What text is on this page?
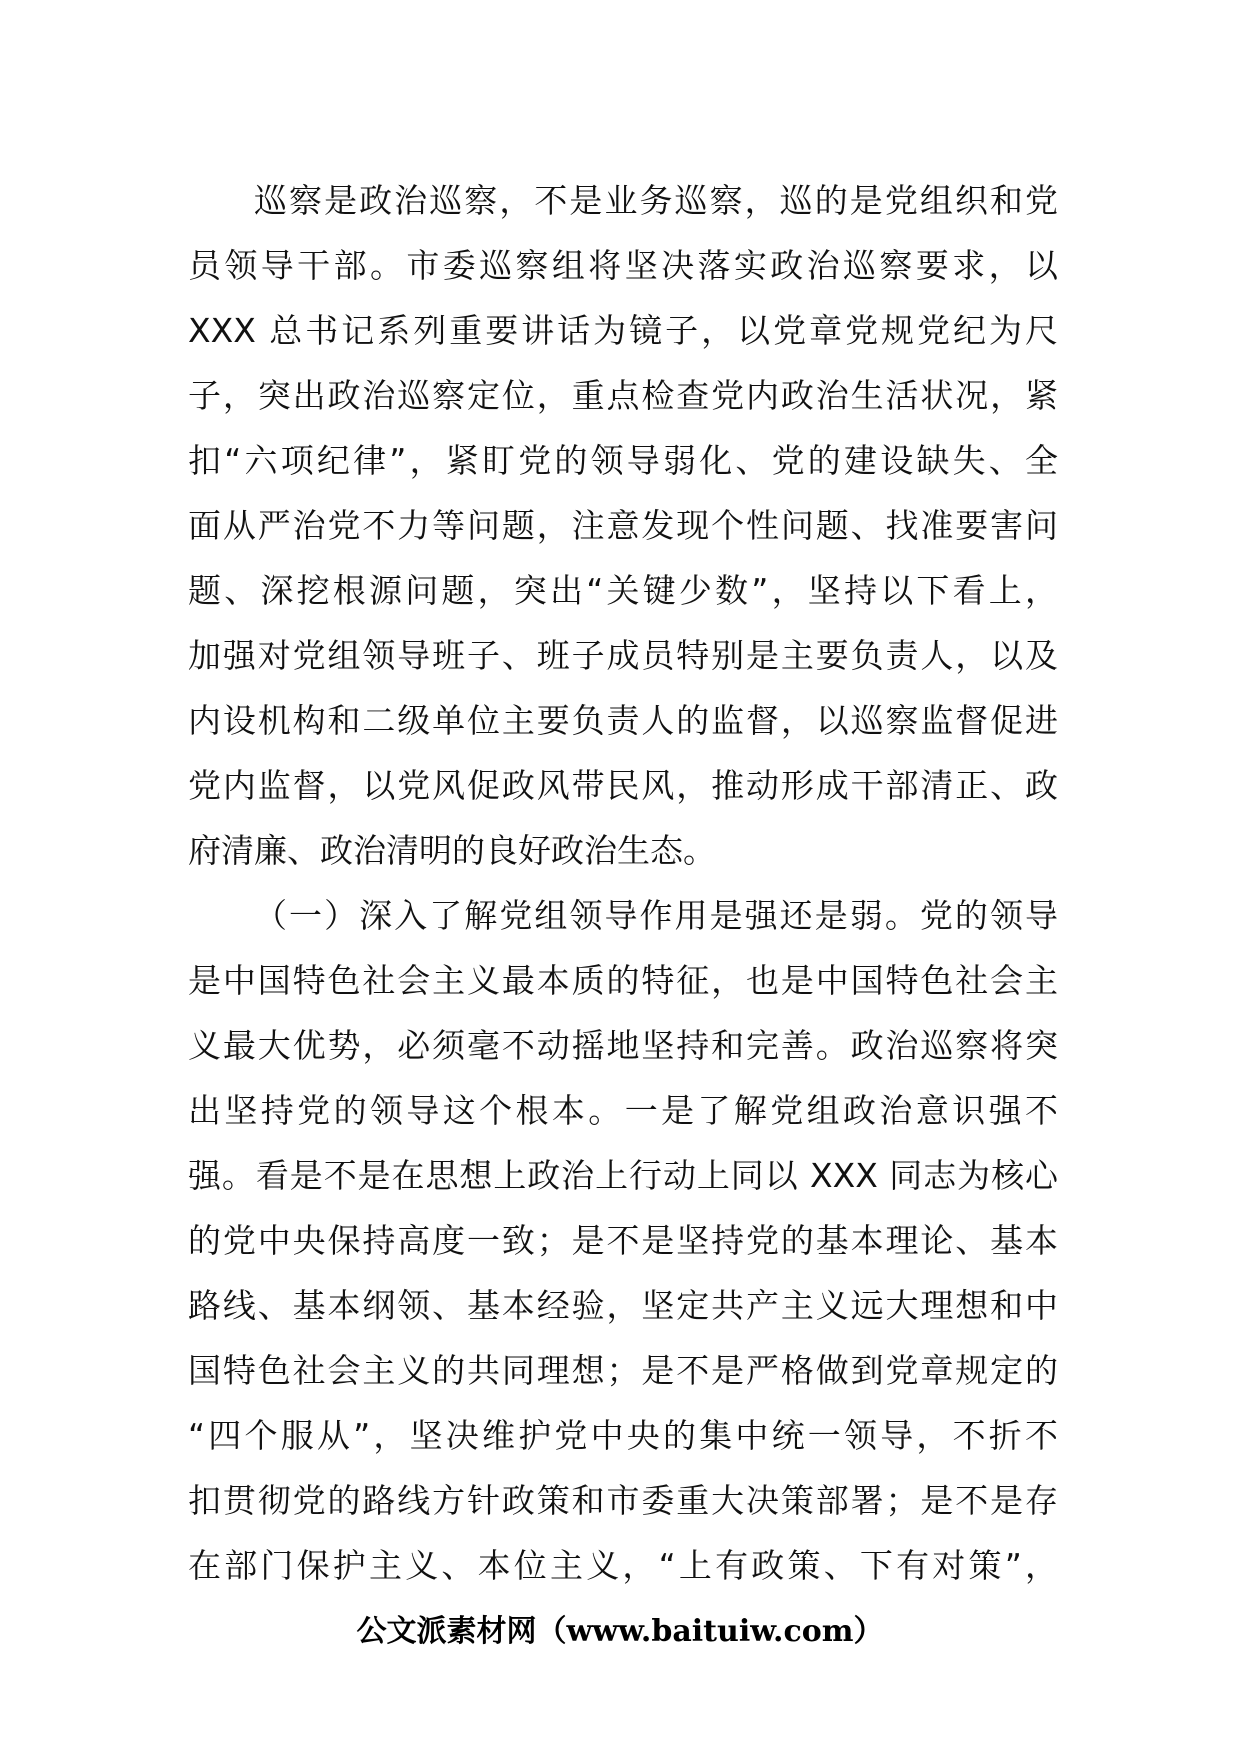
巡察是政治巡察，不是业务巡察，巡的是党组织和党
员领导干部。市委巡察组将坚决落实政治巡察要求，以
XXX 总书记系列重要讲话为镜子，以党章党规党纪为尺
子，突出政治巡察定位，重点检查党内政治生活状况，紧
扣“六项纪律”，紧盯党的领导弱化、党的建设缺失、全
面从严治党不力等问题，注意发现个性问题、找准要害问
题、深挖根源问题，突出“关键少数”，坚持以下看上，
加强对党组领导班子、班子成员特别是主要负责人，以及
内设机构和二级单位主要负责人的监督，以巡察监督促进
党内监督，以党风促政风带民风，推动形成干部清正、政
府清廉、政治清明的良好政治生态。
（一）深入了解党组领导作用是强还是弱。党的领导
是中国特色社会主义最本质的特征，也是中国特色社会主
义最大优势，必须毫不动摇地坚持和完善。政治巡察将突
出坚持党的领导这个根本。一是了解党组政治意识强不
强。看是不是在思想上政治上行动上同以 XXX 同志为核心
的党中央保持高度一致；是不是坚持党的基本理论、基本
路线、基本纲领、基本经验，坚定共产主义远大理想和中
国特色社会主义的共同理想；是不是严格做到党章规定的
“四个服从”，坚决维护党中央的集中统一领导，不折不
扣贯彻党的路线方针政策和市委重大决策部署；是不是存
在部门保护主义、本位主义，“上有政策、下有对策”，
公文派素材网（www.baituiw.com）
